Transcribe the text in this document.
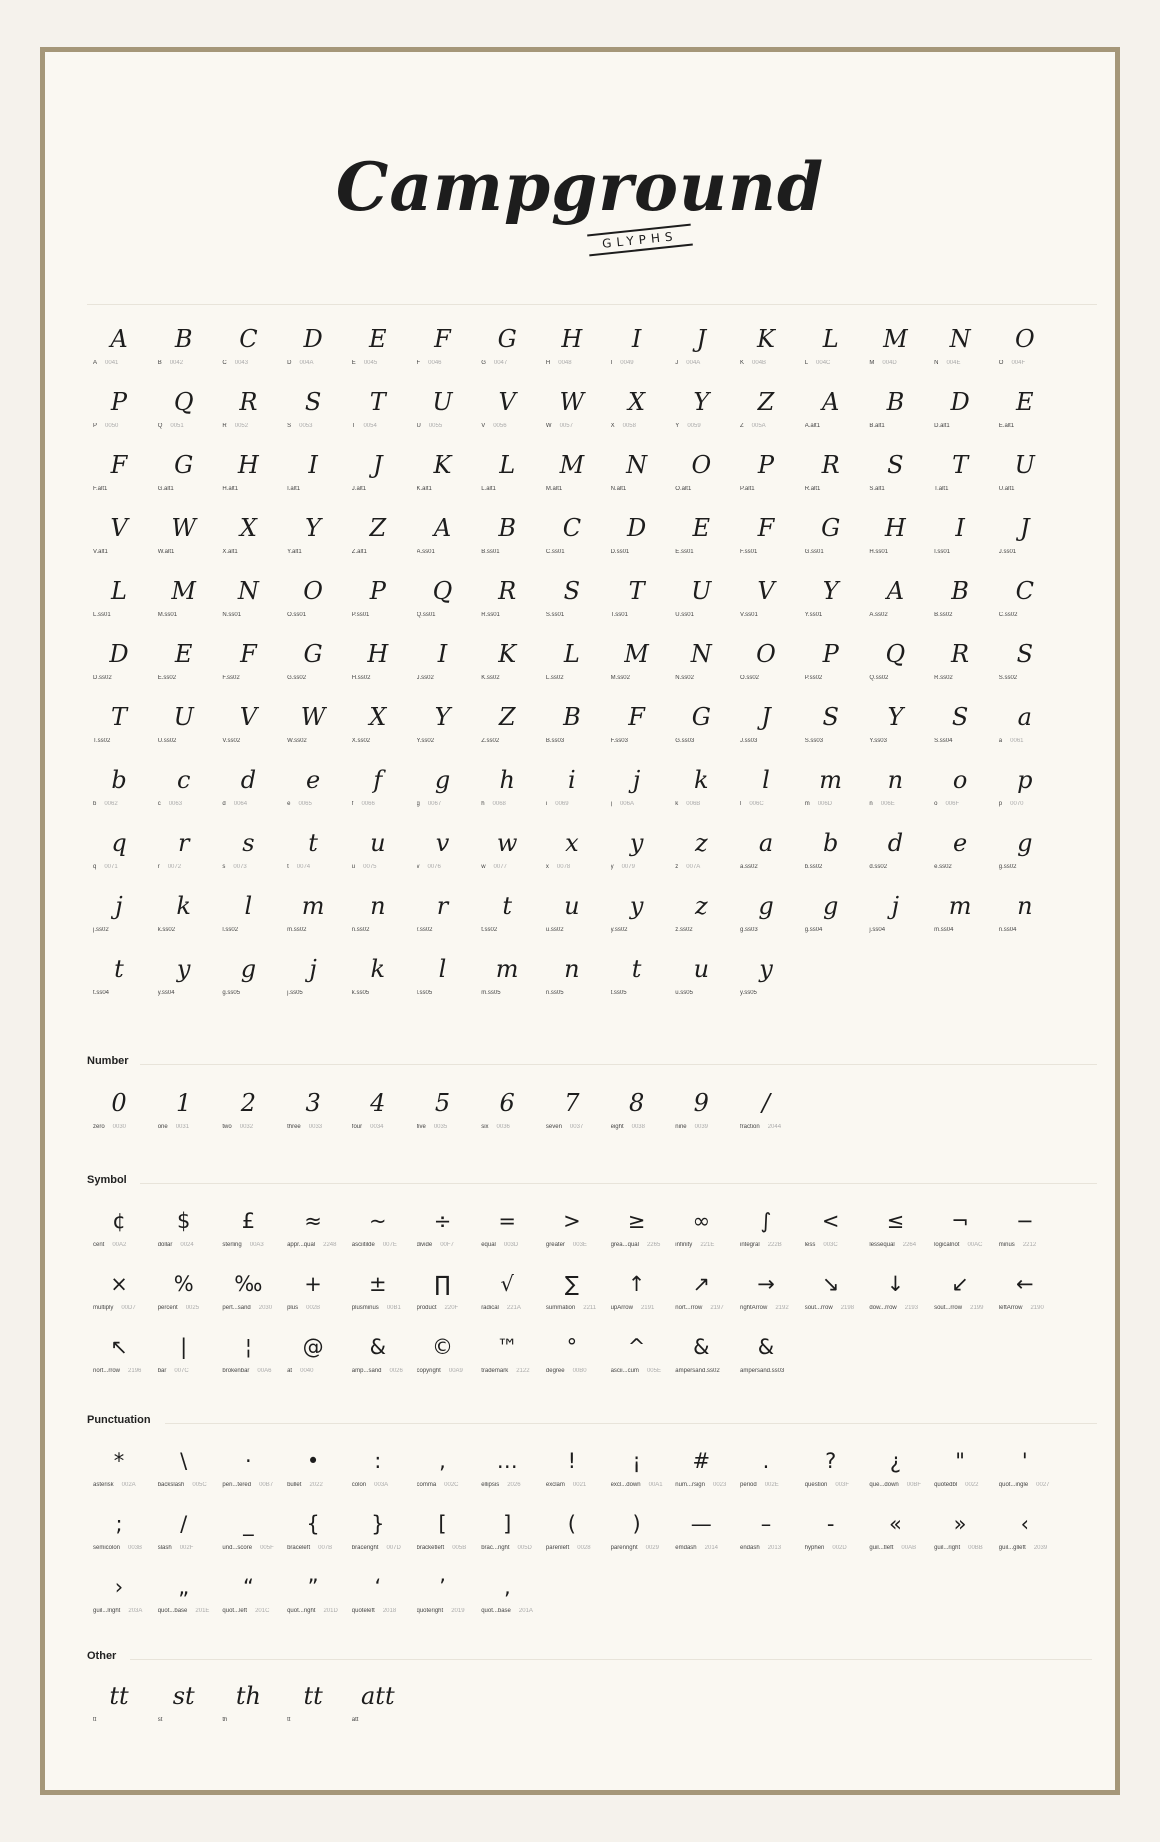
Campground
GLYPHS
A
A 0041
B
B 0042
C
C 0043
D
D 004A
E
E 0045
F
F 0046
G
G 0047
H
H 0048
I
I 0049
J
J 004A
K
K 004B
L
L 004C
M
M 004D
N
N 004E
O
O 004F
P
P 0050
Q
Q 0051
R
R 0052
S
S 0053
T
T 0054
U
U 0055
V
V 0056
W
W 0057
X
X 0058
Y
Y 0059
Z
Z 005A
A
A.alt1
B
B.alt1
D
D.alt1
E
E.alt1
F
F.alt1
G
G.alt1
H
H.alt1
I
I.alt1
J
J.alt1
K
K.alt1
L
L.alt1
M
M.alt1
N
N.alt1
O
O.alt1
P
P.alt1
R
R.alt1
S
S.alt1
T
T.alt1
U
U.alt1
V
V.alt1
W
W.alt1
X
X.alt1
Y
Y.alt1
Z
Z.alt1
A
A.ss01
B
B.ss01
C
C.ss01
D
D.ss01
E
E.ss01
F
F.ss01
G
G.ss01
H
H.ss01
I
I.ss01
J
J.ss01
L
L.ss01
M
M.ss01
N
N.ss01
O
O.ss01
P
P.ss01
Q
Q.ss01
R
R.ss01
S
S.ss01
T
T.ss01
U
U.ss01
V
V.ss01
Y
Y.ss01
A
A.ss02
B
B.ss02
C
C.ss02
D
D.ss02
E
E.ss02
F
F.ss02
G
G.ss02
H
H.ss02
I
J.ss02
K
K.ss02
L
L.ss02
M
M.ss02
N
N.ss02
O
O.ss02
P
P.ss02
Q
Q.ss02
R
R.ss02
S
S.ss02
T
T.ss02
U
U.ss02
V
V.ss02
W
W.ss02
X
X.ss02
Y
Y.ss02
Z
Z.ss02
B
B.ss03
F
F.ss03
G
G.ss03
J
J.ss03
S
S.ss03
Y
Y.ss03
S
S.ss04
a
a 0061
b
b 0062
c
c 0063
d
d 0064
e
e 0065
f
f 0066
g
g 0067
h
h 0068
i
i 0069
j
j 006A
k
k 006B
l
l 006C
m
m 006D
n
n 006E
o
o 006F
p
p 0070
q
q 0071
r
r 0072
s
s 0073
t
t 0074
u
u 0075
v
v 0076
w
w 0077
x
x 0078
y
y 0079
z
z 007A
a
a.ss02
b
b.ss02
d
d.ss02
e
e.ss02
g
g.ss02
j
j.ss02
k
k.ss02
l
l.ss02
m
m.ss02
n
n.ss02
r
r.ss02
t
t.ss02
u
u.ss02
y
y.ss02
z
z.ss02
g
g.ss03
g
g.ss04
j
j.ss04
m
m.ss04
n
n.ss04
t
t.ss04
y
y.ss04
g
g.ss05
j
j.ss05
k
k.ss05
l
l.ss05
m
m.ss05
n
n.ss05
t
t.ss05
u
u.ss05
y
y.ss05
Number
0
zero 0030
1
one 0031
2
two 0032
3
three 0033
4
four 0034
5
five 0035
6
six 0036
7
seven 0037
8
eight 0038
9
nine 0039
/
fraction 2044
Symbol
¢
cent 00A2
$
dollar 0024
£
sterling 00A3
≈
appr...qual 2248
~
asciitilde 007E
÷
divide 00F7
=
equal 003D
>
greater 003E
≥
grea...qual 2265
∞
infinity 221E
∫
integral 222B
<
less 003C
≤
lessequal 2264
¬
logicalnot 00AC
−
minus 2212
×
multiply 00D7
%
percent 0025
‰
pert...sand 2030
+
plus 002B
±
plusminus 00B1
∏
product 220F
√
radical 221A
∑
summation 2211
↑
upArrow 2191
↗
nort...rrow 2197
→
rightArrow 2192
↘
sout...rrow 2198
↓
dow...rrow 2193
↙
sout...rrow 2199
←
leftArrow 2190
↖
nort...rrow 2196
|
bar 007C
¦
brokenbar 00A6
@
at 0040
&
amp...sand 0026
©
copyright 00A9
™
trademark 2122
°
degree 00B0
^
ascii...cum 005E
&
ampersand.ss02
&
ampersand.ss03
Punctuation
*
asterisk 002A
\
backslash 005C
·
peri...tered 00B7
•
bullet 2022
:
colon 003A
,
comma 002C
…
ellipsis 2026
!
exclam 0021
¡
excl...down 00A1
#
num...rsign 0023
.
period 002E
?
question 003F
¿
que...down 00BF
"
quotedbl 0022
'
quot...ingle 0027
;
semicolon 003B
/
slash 002F
_
und...score 005F
{
braceleft 007B
}
braceright 007D
[
bracketleft 005B
]
brac...right 005D
(
parenleft 0028
)
parenright 0029
—
emdash 2014
–
endash 2013
-
hyphen 002D
«
guil...tleft 00AB
»
guil...right 00BB
‹
guil...glleft 2039
›
guil...lright 203A
„
quot...base 201E
“
quot...left 201C
”
quot...right 201D
‘
quoteleft 2018
’
quoteright 2019
‚
quot...base 201A
Other
tt
tt
st
st
th
th
tt
tt
att
att
